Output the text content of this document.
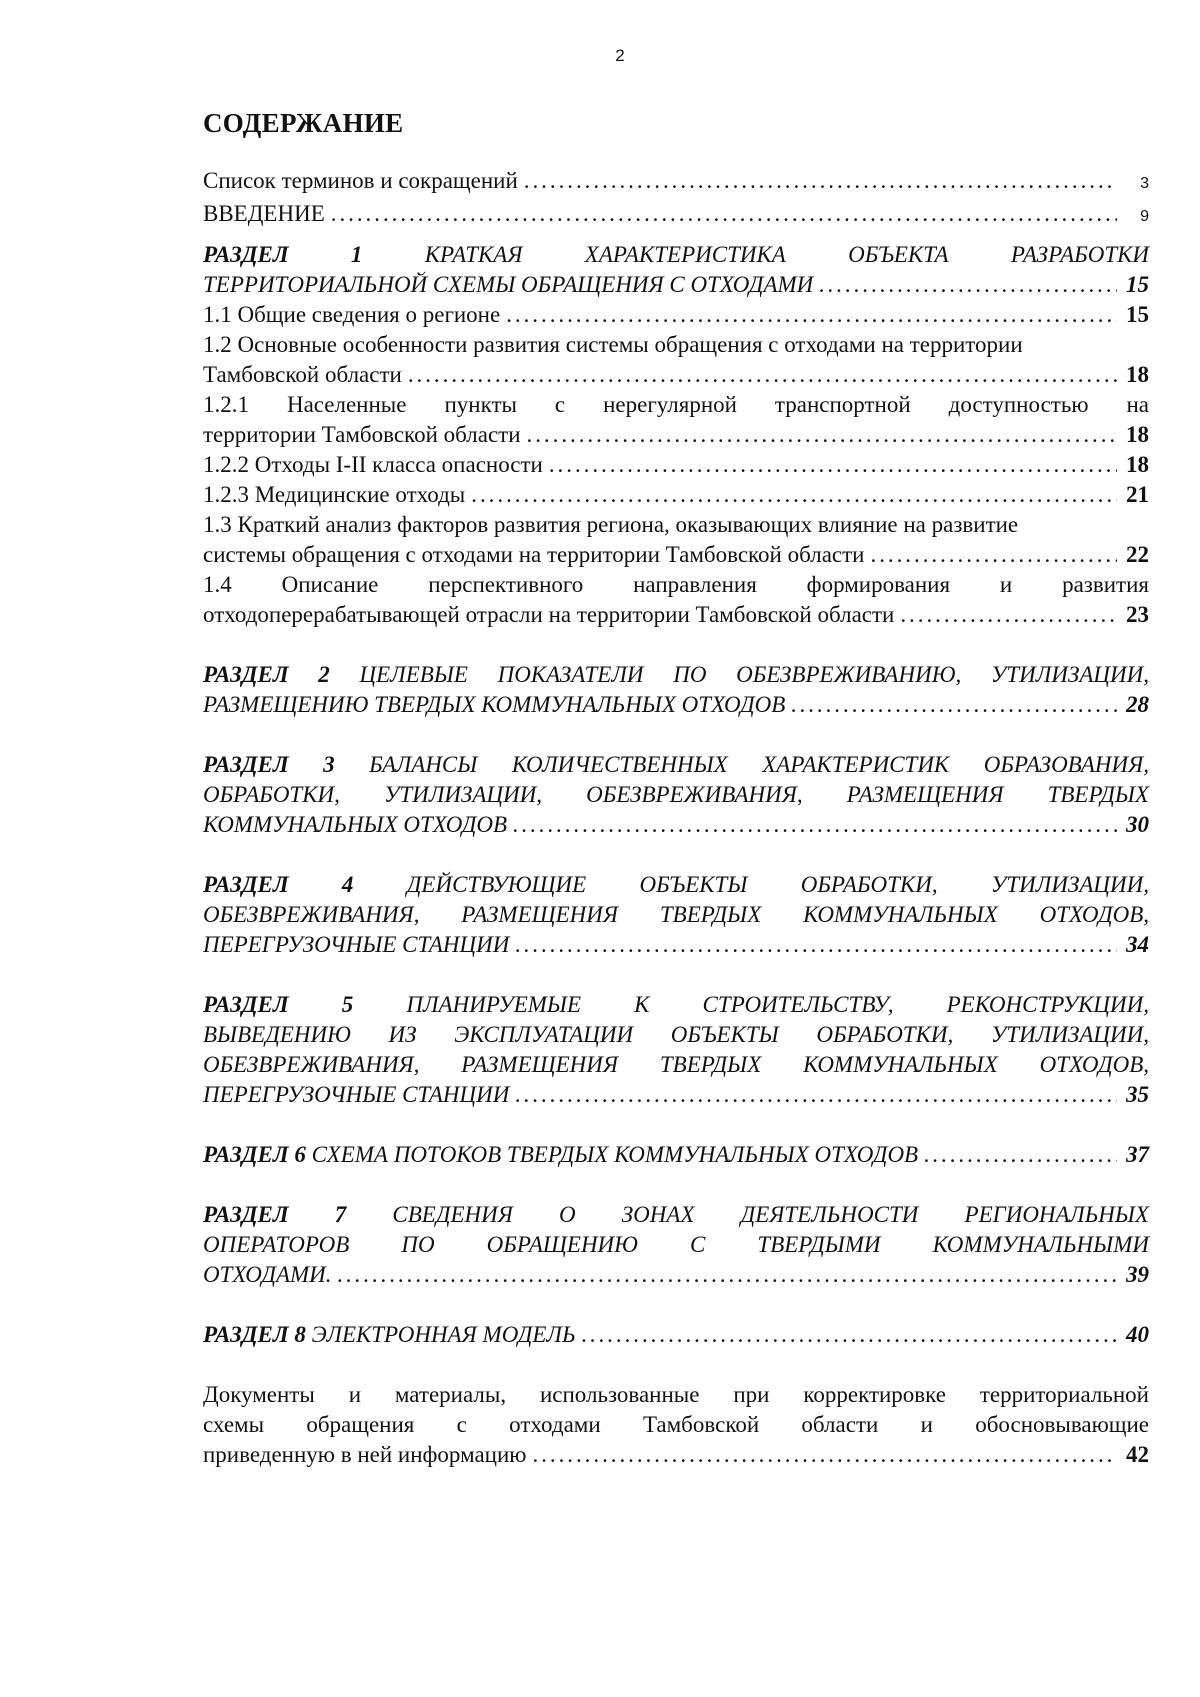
2
СОДЕРЖАНИЕ
Список терминов и сокращений . . .	3
ВВЕДЕНИЕ . . .	9
РАЗДЕЛ 1 КРАТКАЯ ХАРАКТЕРИСТИКА ОБЪЕКТА РАЗРАБОТКИ
ТЕРРИТОРИАЛЬНОЙ СХЕМЫ ОБРАЩЕНИЯ С ОТХОДАМИ . . .	15
1.1 Общие сведения о регионе . . .	15
1.2 Основные особенности развития системы обращения с отходами на территории
Тамбовской области . . .	18
1.2.1 Населенные пункты с нерегулярной транспортной доступностью на
территории Тамбовской области . . .	18
1.2.2 Отходы I-II класса опасности . . .	18
1.2.3 Медицинские отходы . . .	21
1.3 Краткий анализ факторов развития региона, оказывающих влияние на развитие
системы обращения с отходами на территории Тамбовской области . . .	22
1.4 Описание перспективного направления формирования и развития
отходоперерабатывающей отрасли на территории Тамбовской области . . .	23
РАЗДЕЛ 2 ЦЕЛЕВЫЕ ПОКАЗАТЕЛИ ПО ОБЕЗВРЕЖИВАНИЮ, УТИЛИЗАЦИИ,
РАЗМЕЩЕНИЮ ТВЕРДЫХ КОММУНАЛЬНЫХ ОТХОДОВ . . .	28
РАЗДЕЛ 3 БАЛАНСЫ КОЛИЧЕСТВЕННЫХ ХАРАКТЕРИСТИК ОБРАЗОВАНИЯ,
ОБРАБОТКИ, УТИЛИЗАЦИИ, ОБЕЗВРЕЖИВАНИЯ, РАЗМЕЩЕНИЯ ТВЕРДЫХ
КОММУНАЛЬНЫХ ОТХОДОВ . . .	30
РАЗДЕЛ 4 ДЕЙСТВУЮЩИЕ ОБЪЕКТЫ ОБРАБОТКИ, УТИЛИЗАЦИИ,
ОБЕЗВРЕЖИВАНИЯ, РАЗМЕЩЕНИЯ ТВЕРДЫХ КОММУНАЛЬНЫХ ОТХОДОВ,
ПЕРЕГРУЗОЧНЫЕ СТАНЦИИ . . .	34
РАЗДЕЛ 5 ПЛАНИРУЕМЫЕ К СТРОИТЕЛЬСТВУ, РЕКОНСТРУКЦИИ,
ВЫВЕДЕНИЮ ИЗ ЭКСПЛУАТАЦИИ ОБЪЕКТЫ ОБРАБОТКИ, УТИЛИЗАЦИИ,
ОБЕЗВРЕЖИВАНИЯ, РАЗМЕЩЕНИЯ ТВЕРДЫХ КОММУНАЛЬНЫХ ОТХОДОВ,
ПЕРЕГРУЗОЧНЫЕ СТАНЦИИ . . .	35
РАЗДЕЛ 6 СХЕМА ПОТОКОВ ТВЕРДЫХ КОММУНАЛЬНЫХ ОТХОДОВ . . .	37
РАЗДЕЛ 7 СВЕДЕНИЯ О ЗОНАХ ДЕЯТЕЛЬНОСТИ РЕГИОНАЛЬНЫХ
ОПЕРАТОРОВ ПО ОБРАЩЕНИЮ С ТВЕРДЫМИ КОММУНАЛЬНЫМИ
ОТХОДАМИ. . . .	39
РАЗДЕЛ 8 ЭЛЕКТРОННАЯ МОДЕЛЬ . . .	40
Документы и материалы, использованные при корректировке территориальной
схемы обращения с отходами Тамбовской области и обосновывающие
приведенную в ней информацию . . .	42
